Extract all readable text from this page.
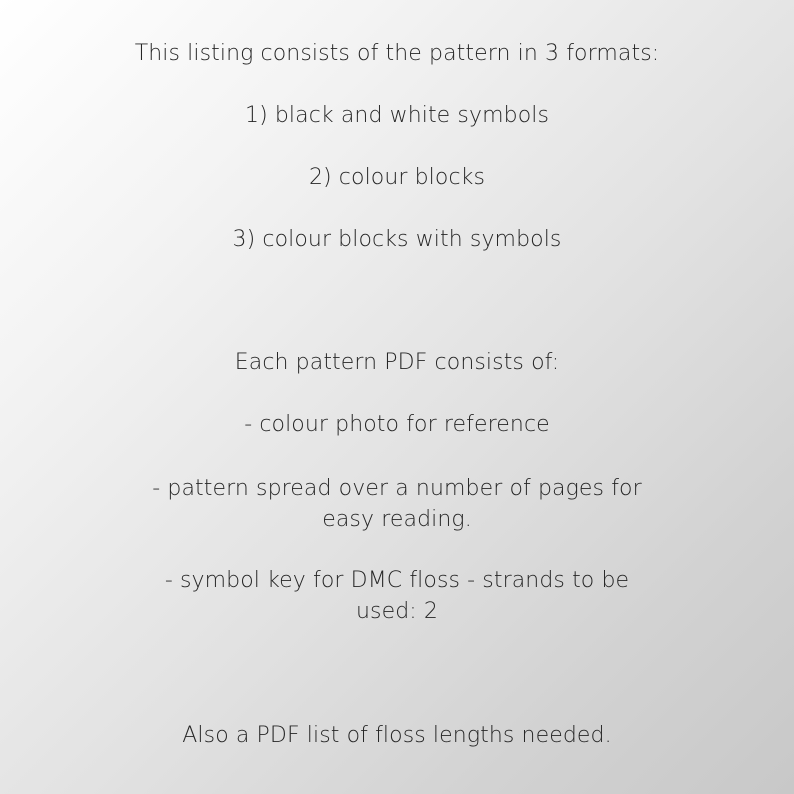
This listing consists of the pattern in 3 formats:
1) black and white symbols
2) colour blocks
3) colour blocks with symbols
Each pattern PDF consists of:
- colour photo for reference
- pattern spread over a number of pages for
easy reading.
- symbol key for DMC floss - strands to be
used: 2
Also a PDF list of floss lengths needed.
